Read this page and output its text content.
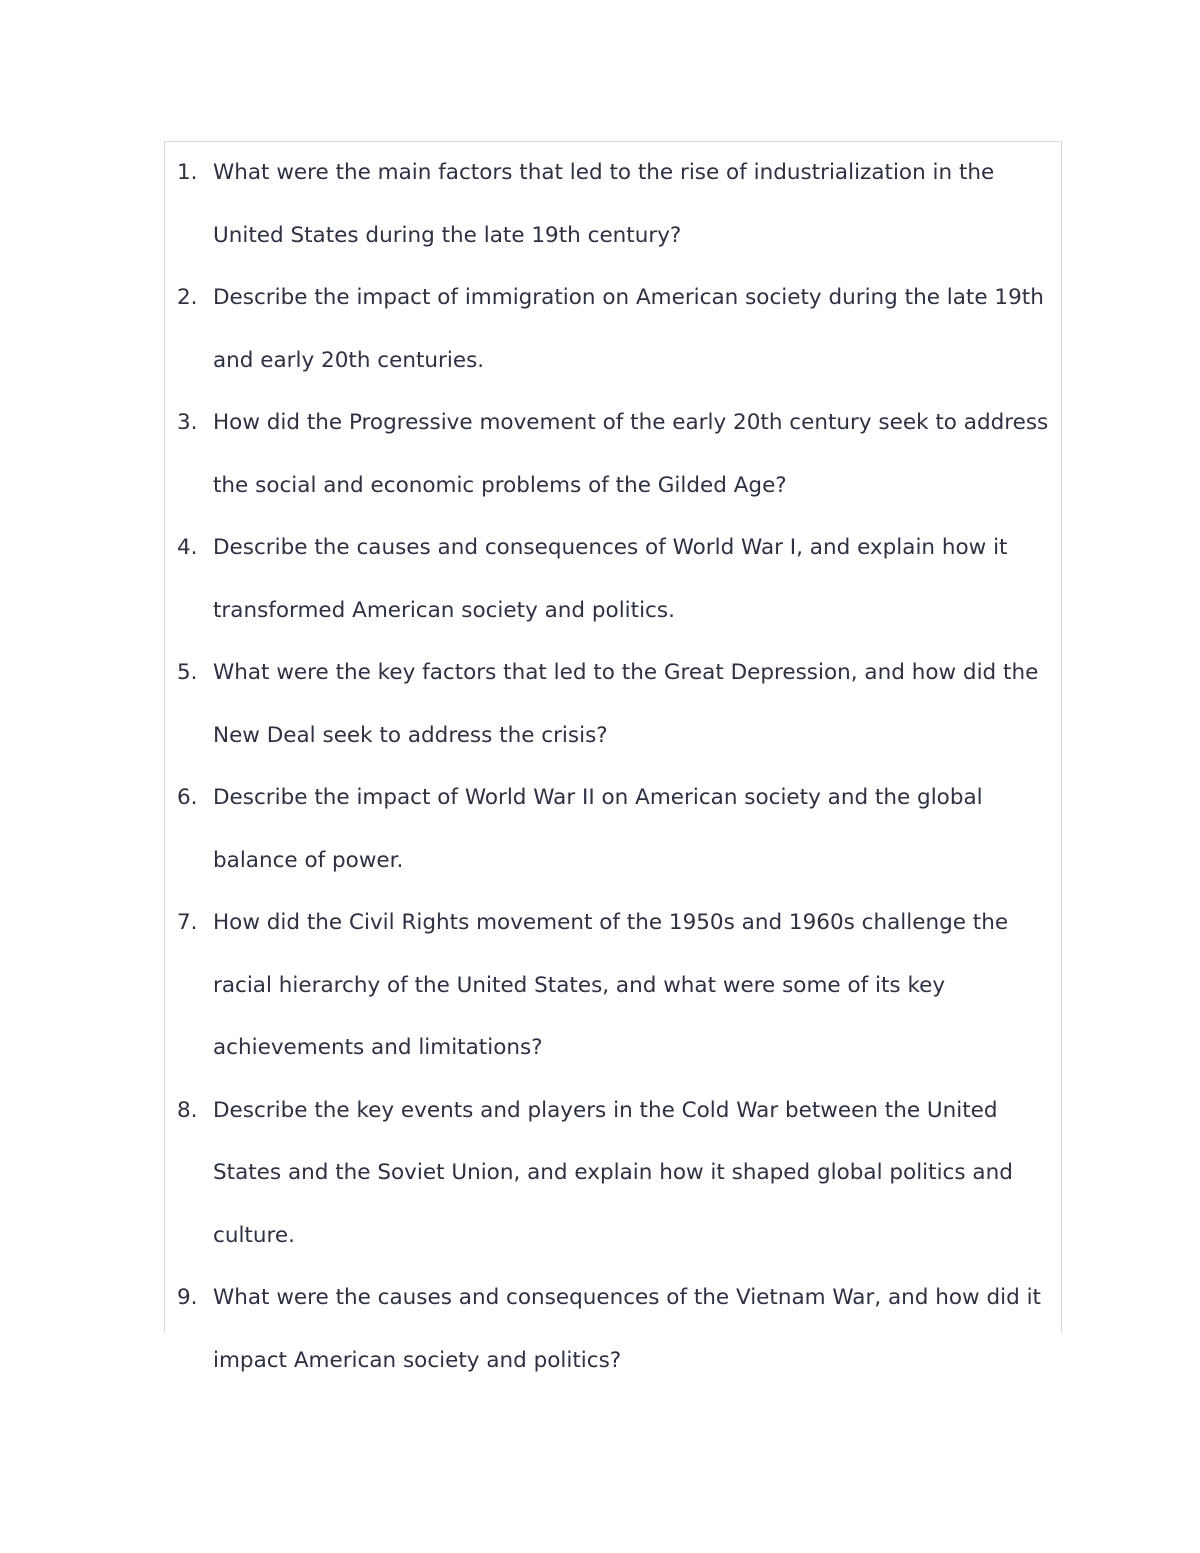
1. What were the main factors that led to the rise of industrialization in the United States during the late 19th century?
2. Describe the impact of immigration on American society during the late 19th and early 20th centuries.
3. How did the Progressive movement of the early 20th century seek to address the social and economic problems of the Gilded Age?
4. Describe the causes and consequences of World War I, and explain how it transformed American society and politics.
5. What were the key factors that led to the Great Depression, and how did the New Deal seek to address the crisis?
6. Describe the impact of World War II on American society and the global balance of power.
7. How did the Civil Rights movement of the 1950s and 1960s challenge the racial hierarchy of the United States, and what were some of its key achievements and limitations?
8. Describe the key events and players in the Cold War between the United States and the Soviet Union, and explain how it shaped global politics and culture.
9. What were the causes and consequences of the Vietnam War, and how did it impact American society and politics?
